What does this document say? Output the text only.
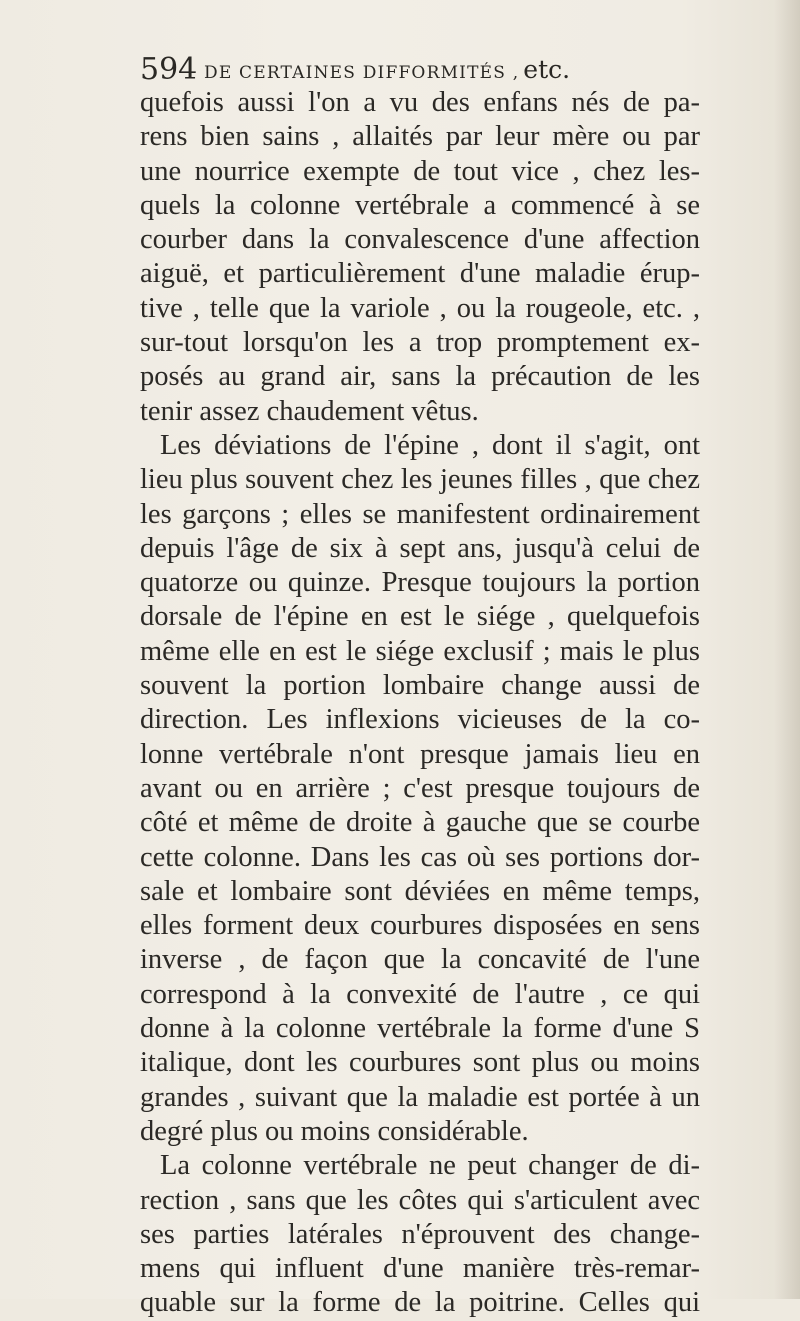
594 DE CERTAINES DIFFORMITÉS , etc.
quefois aussi l'on a vu des enfans nés de pa-
rens bien sains , allaités par leur mère ou par
une nourrice exempte de tout vice , chez les-
quels la colonne vertébrale a commencé à se
courber dans la convalescence d'une affection
aiguë, et particulièrement d'une maladie érup-
tive , telle que la variole , ou la rougeole, etc. ,
sur-tout lorsqu'on les a trop promptement ex-
posés au grand air, sans la précaution de les
tenir assez chaudement vêtus.
Les déviations de l'épine , dont il s'agit, ont
lieu plus souvent chez les jeunes filles , que chez
les garçons ; elles se manifestent ordinairement
depuis l'âge de six à sept ans, jusqu'à celui de
quatorze ou quinze. Presque toujours la portion
dorsale de l'épine en est le siége , quelquefois
même elle en est le siége exclusif ; mais le plus
souvent la portion lombaire change aussi de
direction. Les inflexions vicieuses de la co-
lonne vertébrale n'ont presque jamais lieu en
avant ou en arrière ; c'est presque toujours de
côté et même de droite à gauche que se courbe
cette colonne. Dans les cas où ses portions dor-
sale et lombaire sont déviées en même temps,
elles forment deux courbures disposées en sens
inverse , de façon que la concavité de l'une
correspond à la convexité de l'autre , ce qui
donne à la colonne vertébrale la forme d'une S
italique, dont les courbures sont plus ou moins
grandes , suivant que la maladie est portée à un
degré plus ou moins considérable.
La colonne vertébrale ne peut changer de di-
rection , sans que les côtes qui s'articulent avec
ses parties latérales n'éprouvent des change-
mens qui influent d'une manière très-remar-
quable sur la forme de la poitrine. Celles qui
